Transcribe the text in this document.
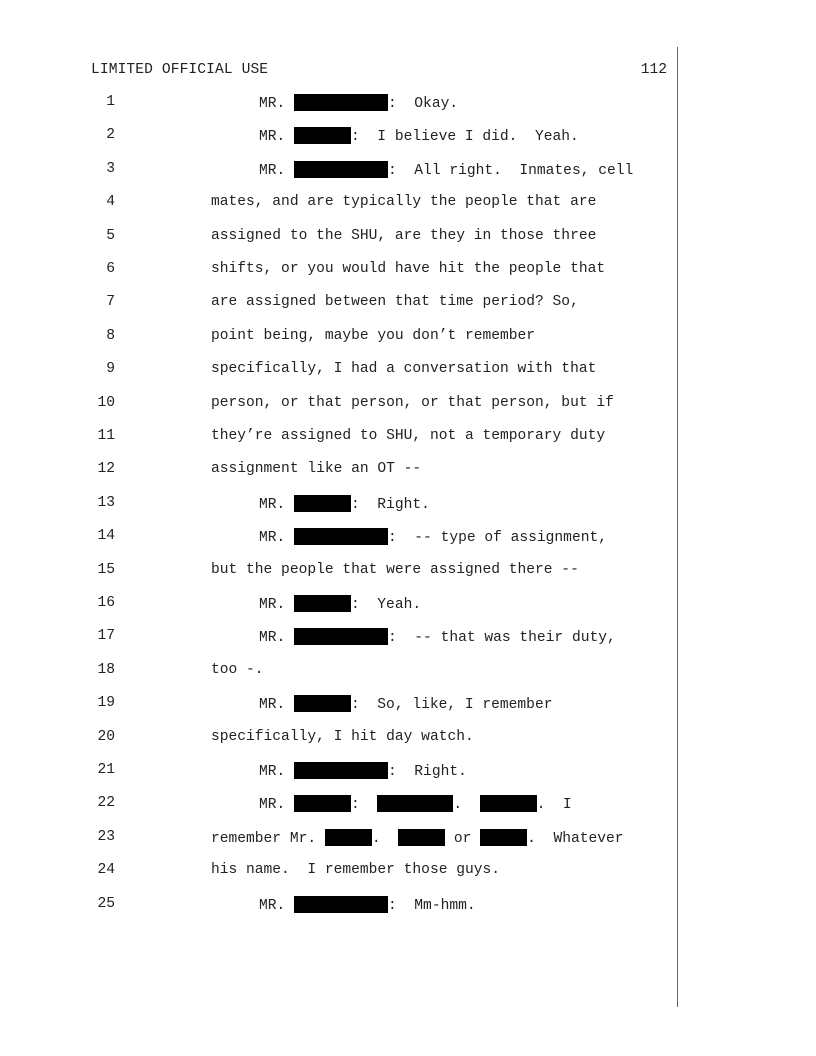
LIMITED OFFICIAL USE	112
1	MR.	:  Okay.
2	MR.	:  I believe I did.  Yeah.
3	MR.	:  All right.  Inmates, cell
4	mates, and are typically the people that are
5	assigned to the SHU, are they in those three
6	shifts, or you would have hit the people that
7	are assigned between that time period? So,
8	point being, maybe you don’t remember
9	specifically, I had a conversation with that
10	person, or that person, or that person, but if
11	they’re assigned to SHU, not a temporary duty
12	assignment like an OT --
13	MR.	:  Right.
14	MR.	:  -- type of assignment,
15	but the people that were assigned there --
16	MR.	:  Yeah.
17	MR.	:  -- that was their duty,
18	too -.
19	MR.	:  So, like, I remember
20	specifically, I hit day watch.
21	MR.	:  Right.
22	MR.	:	.	.  I
23	remember Mr.	.	or	.  Whatever
24	his name.  I remember those guys.
25	MR.	:  Mm-hmm.
